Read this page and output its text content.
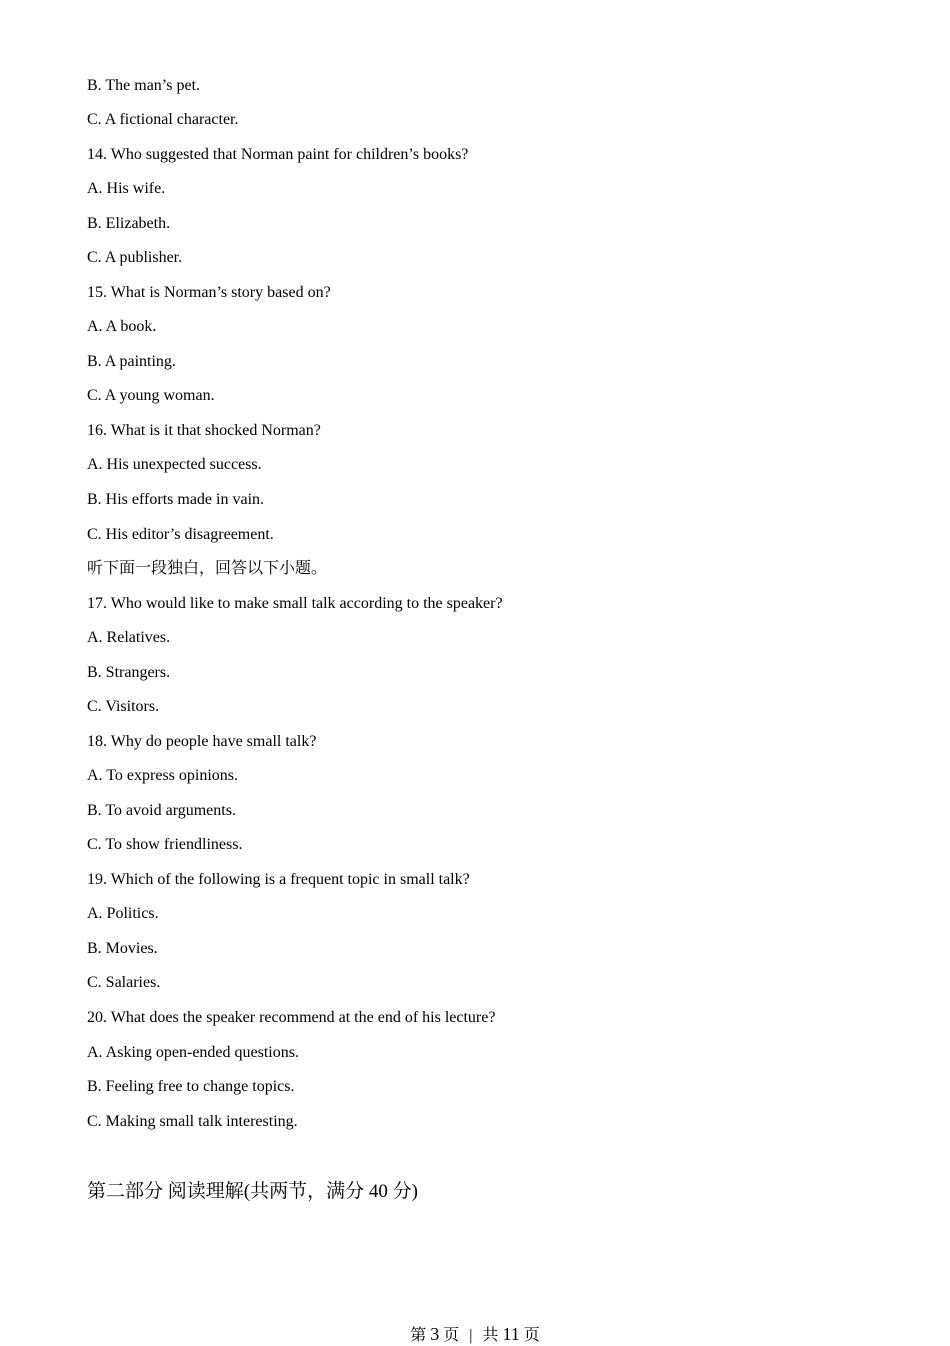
B. The man’s pet.
C. A fictional character.
14. Who suggested that Norman paint for children’s books?
A. His wife.
B. Elizabeth.
C. A publisher.
15. What is Norman’s story based on?
A. A book.
B. A painting.
C. A young woman.
16. What is it that shocked Norman?
A. His unexpected success.
B. His efforts made in vain.
C. His editor’s disagreement.
听下面一段独白，回答以下小题。
17. Who would like to make small talk according to the speaker?
A. Relatives.
B. Strangers.
C. Visitors.
18. Why do people have small talk?
A. To express opinions.
B. To avoid arguments.
C. To show friendliness.
19. Which of the following is a frequent topic in small talk?
A. Politics.
B. Movies.
C. Salaries.
20. What does the speaker recommend at the end of his lecture?
A. Asking open-ended questions.
B. Feeling free to change topics.
C. Making small talk interesting.
第二部分 阅读理解(共两节，满分 40 分)
第 3 页 | 共 11 页
